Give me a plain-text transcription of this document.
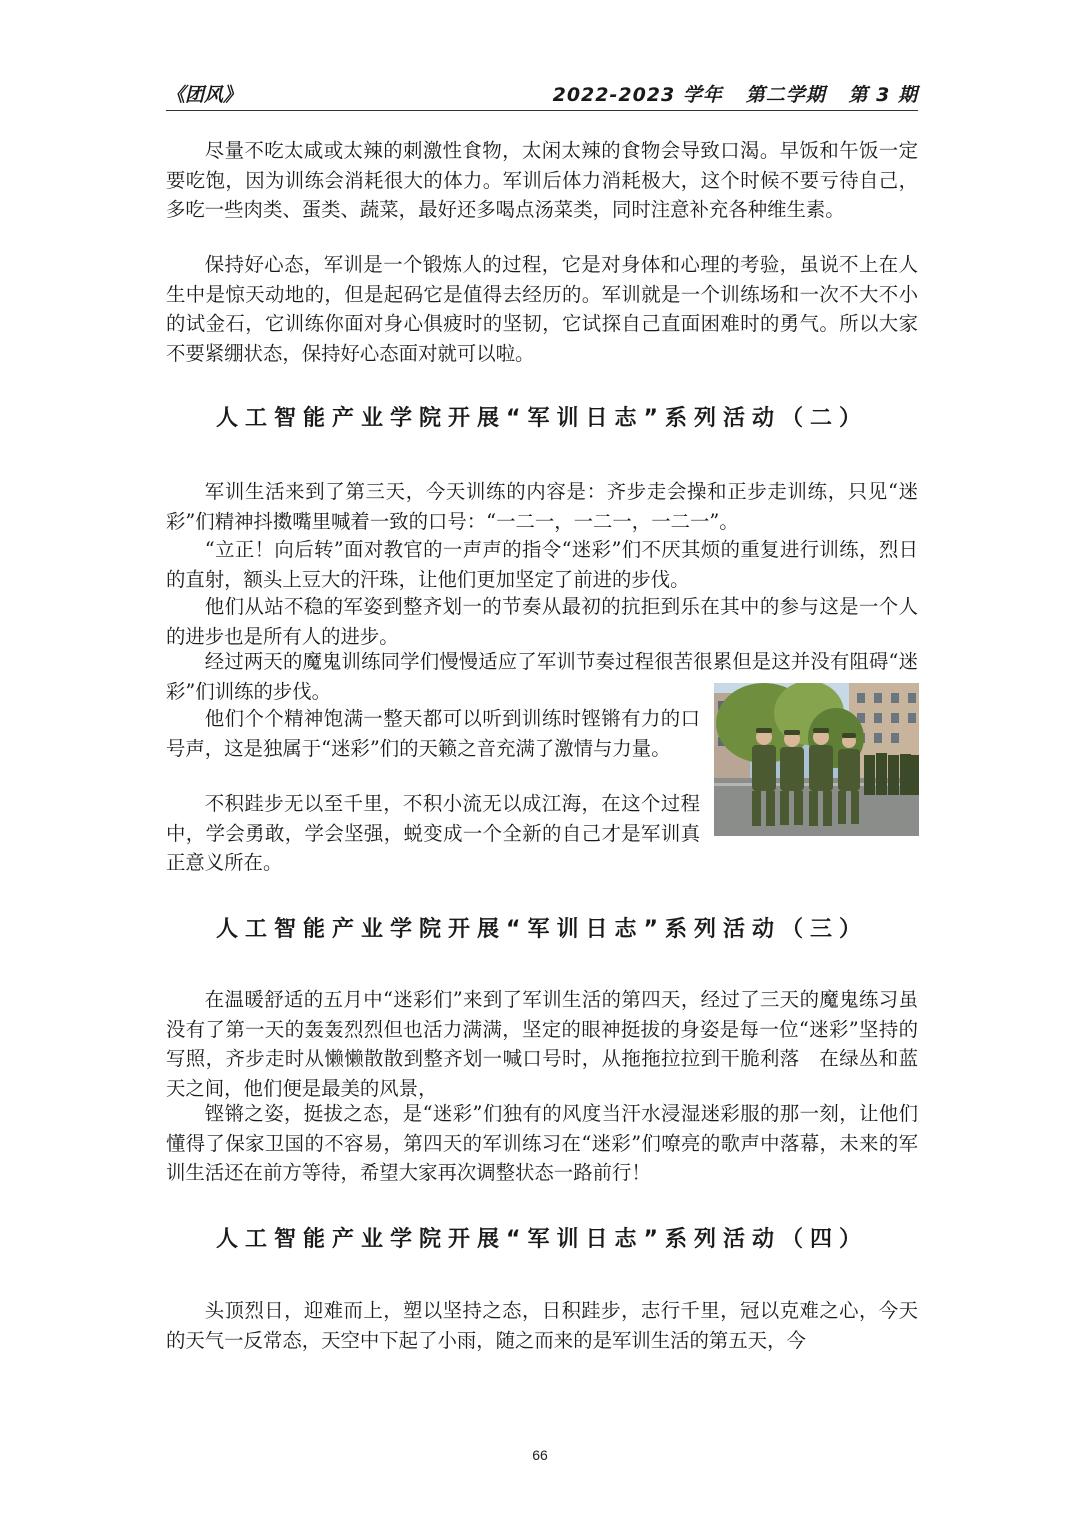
《团风》	2022-2023 学年   第二学期   第 3 期

尽量不吃太咸或太辣的刺激性食物，太闲太辣的食物会导致口渴。早饭和午饭一定要吃饱，因为训练会消耗很大的体力。军训后体力消耗极大，这个时候不要亏待自己，多吃一些肉类、蛋类、蔬菜，最好还多喝点汤菜类，同时注意补充各种维生素。

保持好心态，军训是一个锻炼人的过程，它是对身体和心理的考验，虽说不上在人生中是惊天动地的，但是起码它是值得去经历的。军训就是一个训练场和一次不大不小的试金石，它训练你面对身心俱疲时的坚韧，它试探自己直面困难时的勇气。所以大家不要紧绷状态，保持好心态面对就可以啦。

人工智能产业学院开展“军训日志”系列活动（二）

军训生活来到了第三天，今天训练的内容是：齐步走会操和正步走训练，只见“迷彩”们精神抖擞嘴里喊着一致的口号：“一二一，一二一，一二一”。

“立正！向后转”面对教官的一声声的指令“迷彩”们不厌其烦的重复进行训练，烈日的直射，额头上豆大的汗珠，让他们更加坚定了前进的步伐。

他们从站不稳的军姿到整齐划一的节奏从最初的抗拒到乐在其中的参与这是一个人的进步也是所有人的进步。

经过两天的魔鬼训练同学们慢慢适应了军训节奏过程很苦很累但是这并没有阻碍“迷彩”们训练的步伐。

他们个个精神饱满一整天都可以听到训练时铿锵有力的口号声，这是独属于“迷彩”们的天籁之音充满了激情与力量。

不积跬步无以至千里，不积小流无以成江海，在这个过程中，学会勇敢，学会坚强，蜕变成一个全新的自己才是军训真正意义所在。

人工智能产业学院开展“军训日志”系列活动（三）

在温暖舒适的五月中“迷彩们”来到了军训生活的第四天，经过了三天的魔鬼练习虽没有了第一天的轰轰烈烈但也活力满满，坚定的眼神挺拔的身姿是每一位“迷彩”坚持的写照，齐步走时从懒懒散散到整齐划一喊口号时，从拖拖拉拉到干脆利落　在绿丛和蓝天之间，他们便是最美的风景，

铿锵之姿，挺拔之态，是“迷彩”们独有的风度当汗水浸湿迷彩服的那一刻，让他们懂得了保家卫国的不容易，第四天的军训练习在“迷彩”们嘹亮的歌声中落幕，未来的军训生活还在前方等待，希望大家再次调整状态一路前行！

人工智能产业学院开展“军训日志”系列活动（四）

头顶烈日，迎难而上，塑以坚持之态，日积跬步，志行千里，冠以克难之心，今天的天气一反常态，天空中下起了小雨，随之而来的是军训生活的第五天，今

66
